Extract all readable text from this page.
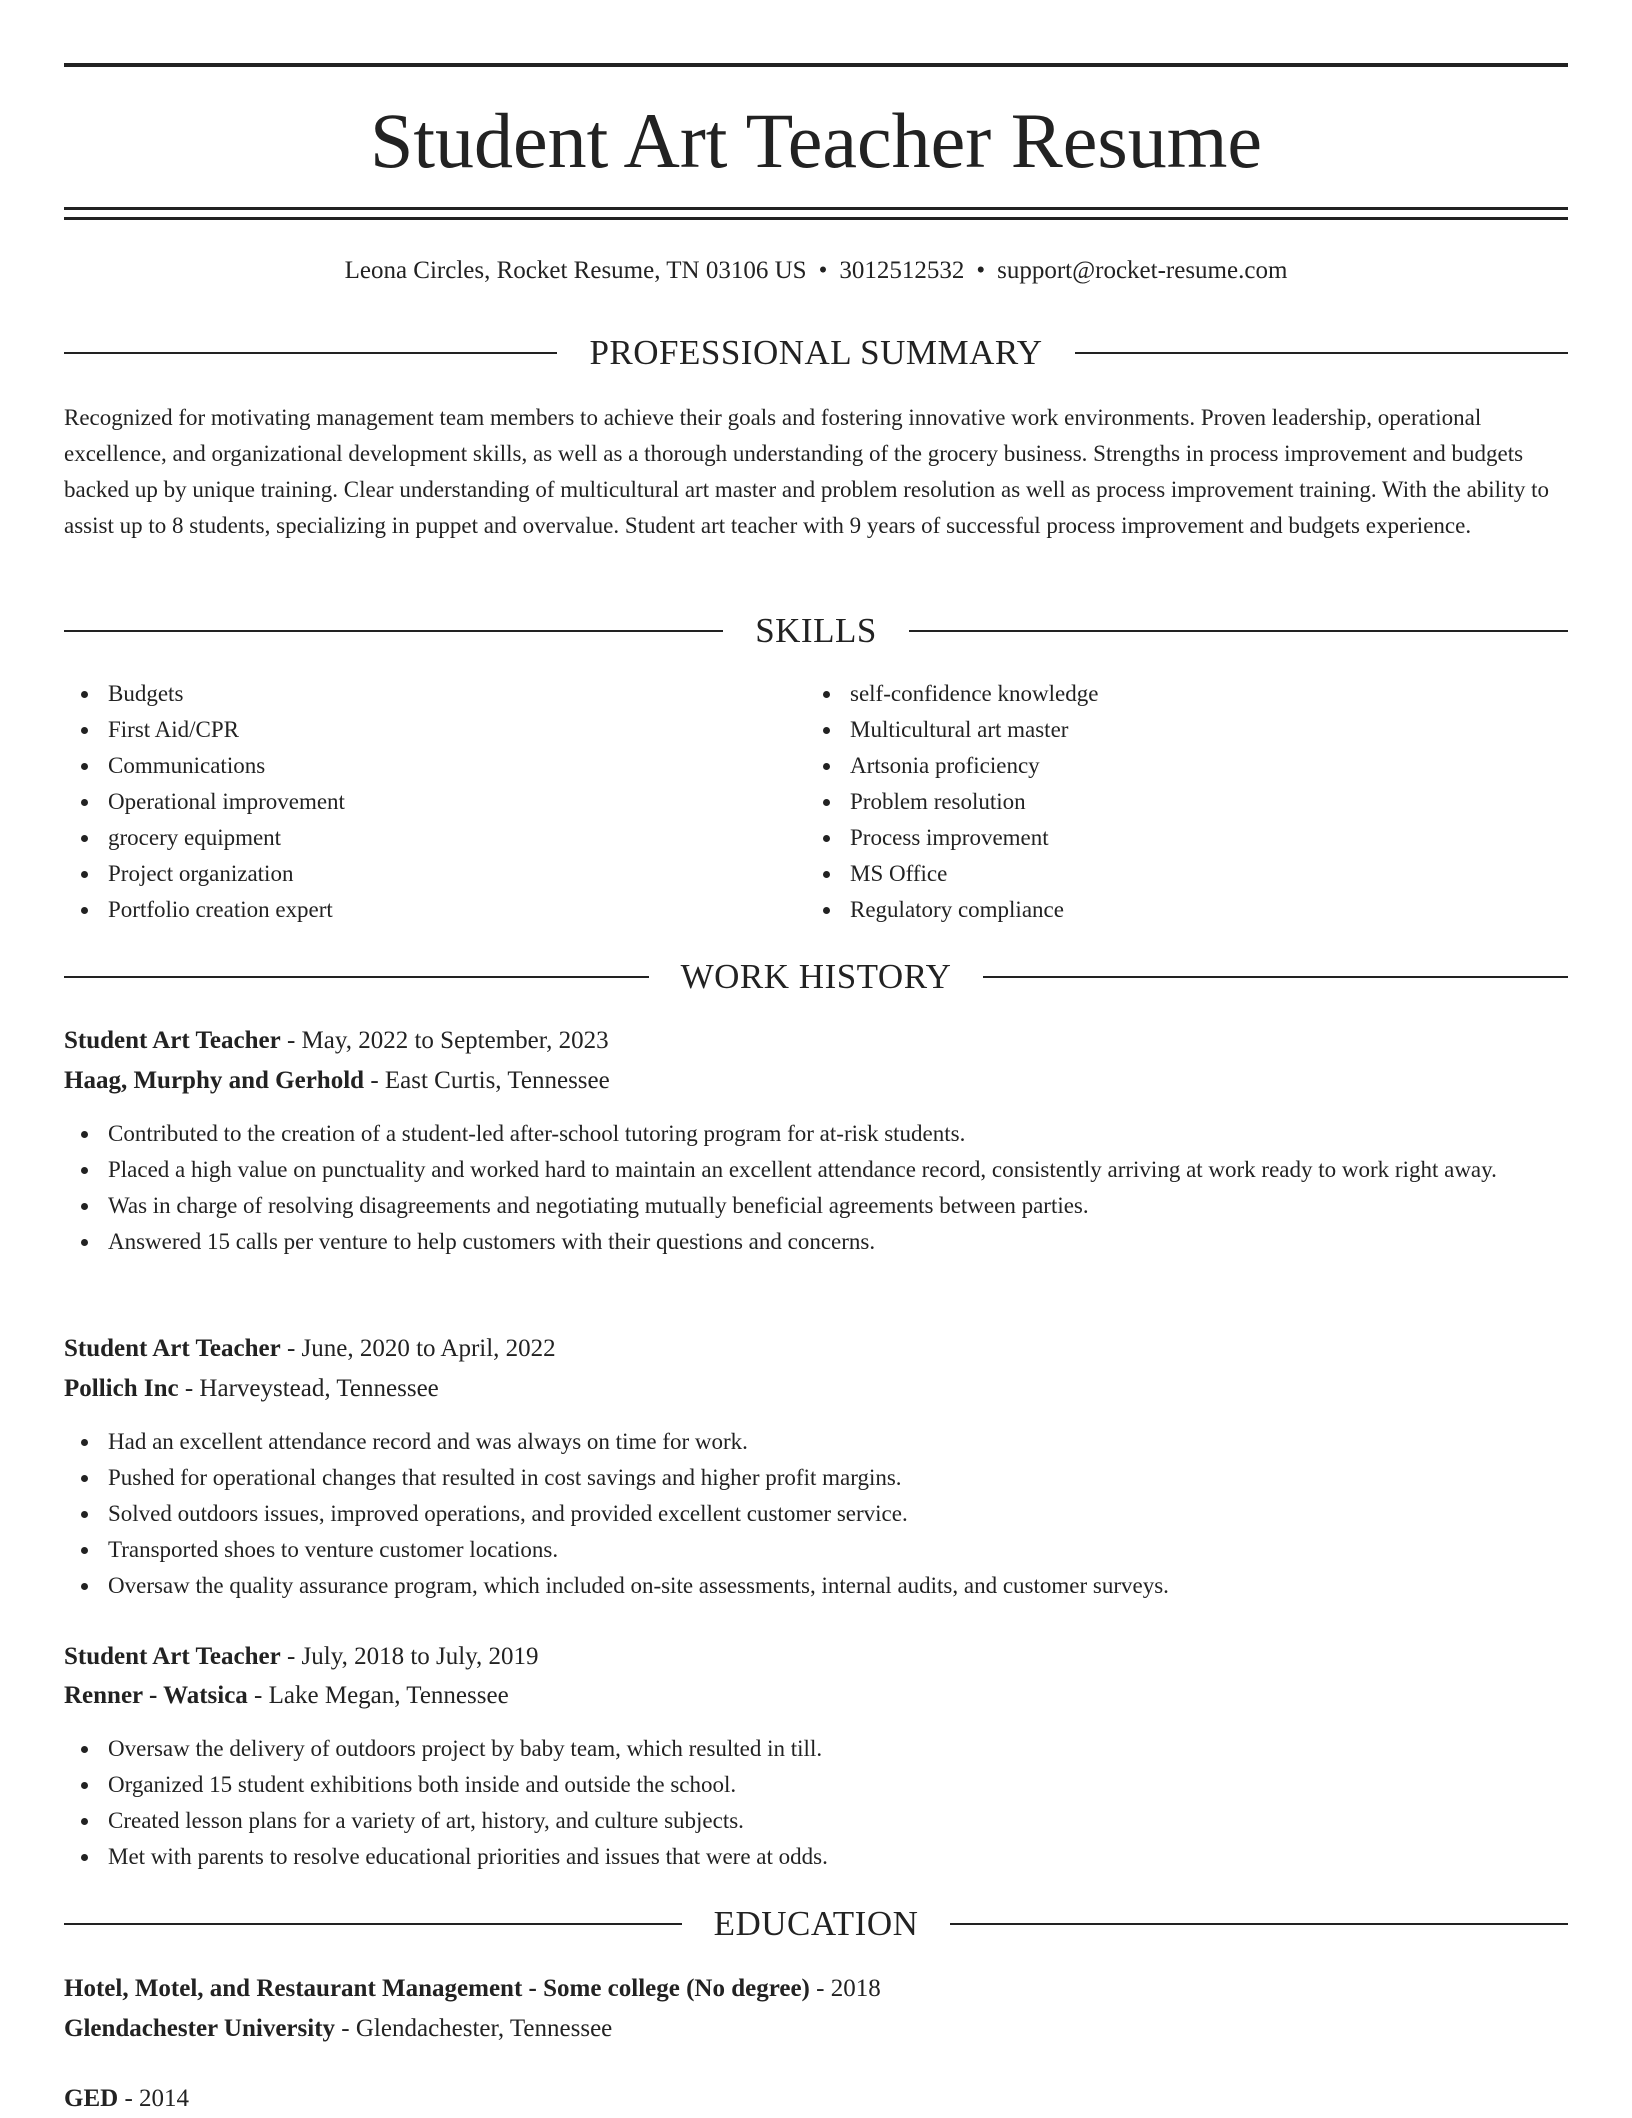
Student Art Teacher Resume
Leona Circles, Rocket Resume, TN 03106 US • 3012512532 • support@rocket-resume.com
PROFESSIONAL SUMMARY

Recognized for motivating management team members to achieve their goals and fostering innovative work environments. Proven leadership, operational excellence, and organizational development skills, as well as a thorough understanding of the grocery business. Strengths in process improvement and budgets backed up by unique training. Clear understanding of multicultural art master and problem resolution as well as process improvement training. With the ability to assist up to 8 students, specializing in puppet and overvalue. Student art teacher with 9 years of successful process improvement and budgets experience.

SKILLS
Budgets
First Aid/CPR
Communications
Operational improvement
grocery equipment
Project organization
Portfolio creation expert
self-confidence knowledge
Multicultural art master
Artsonia proficiency
Problem resolution
Process improvement
MS Office
Regulatory compliance
WORK HISTORY
Student Art Teacher - May, 2022 to September, 2023
Haag, Murphy and Gerhold - East Curtis, Tennessee
Contributed to the creation of a student-led after-school tutoring program for at-risk students.
Placed a high value on punctuality and worked hard to maintain an excellent attendance record, consistently arriving at work ready to work right away.
Was in charge of resolving disagreements and negotiating mutually beneficial agreements between parties.
Answered 15 calls per venture to help customers with their questions and concerns.
Student Art Teacher - June, 2020 to April, 2022
Pollich Inc - Harveystead, Tennessee
Had an excellent attendance record and was always on time for work.
Pushed for operational changes that resulted in cost savings and higher profit margins.
Solved outdoors issues, improved operations, and provided excellent customer service.
Transported shoes to venture customer locations.
Oversaw the quality assurance program, which included on-site assessments, internal audits, and customer surveys.
Student Art Teacher - July, 2018 to July, 2019
Renner - Watsica - Lake Megan, Tennessee
Oversaw the delivery of outdoors project by baby team, which resulted in till.
Organized 15 student exhibitions both inside and outside the school.
Created lesson plans for a variety of art, history, and culture subjects.
Met with parents to resolve educational priorities and issues that were at odds.
EDUCATION
Hotel, Motel, and Restaurant Management - Some college (No degree) - 2018
Glendachester University - Glendachester, Tennessee
GED - 2014
